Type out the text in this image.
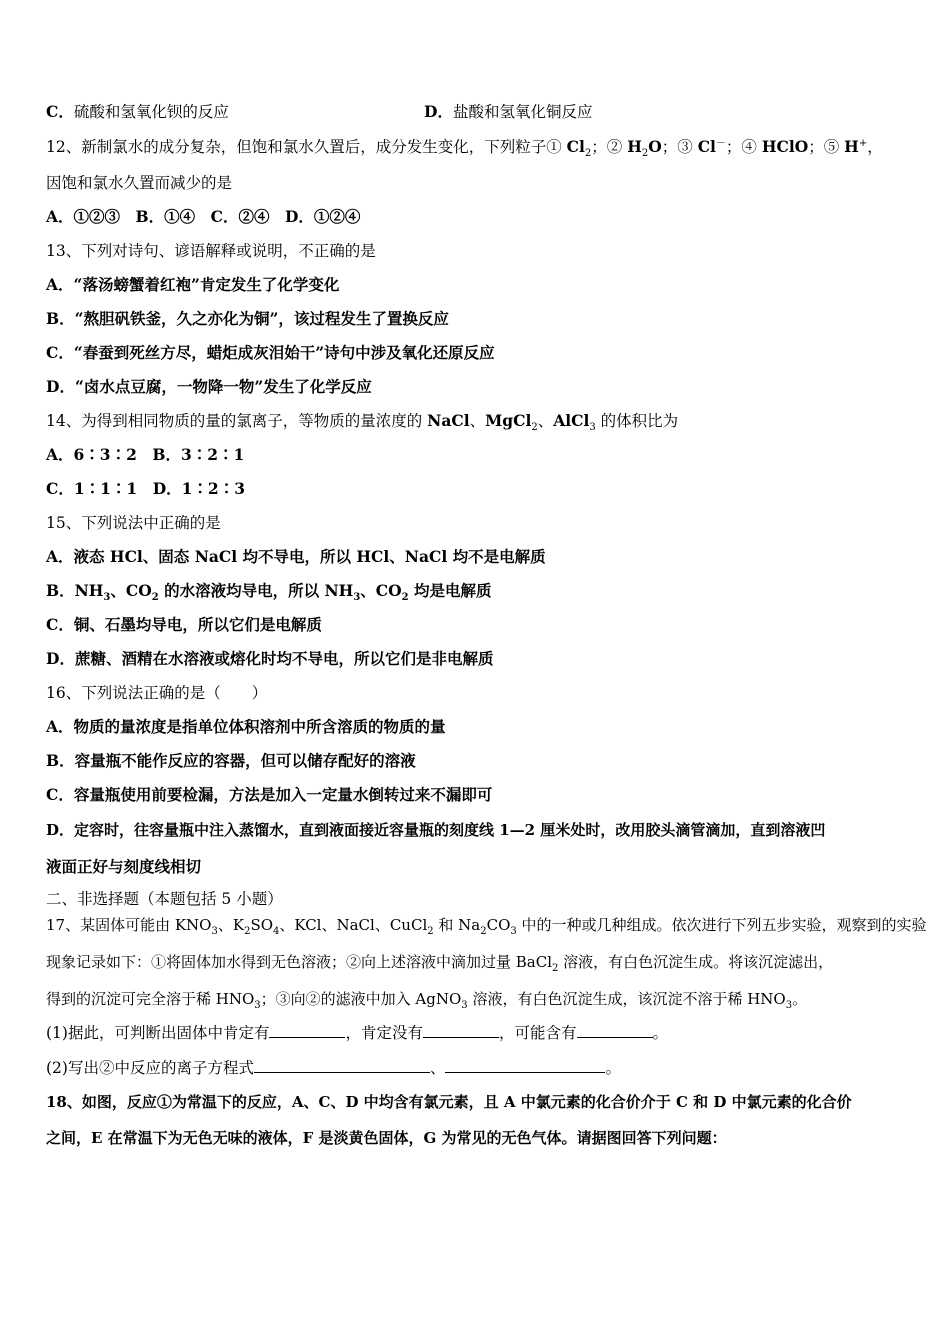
C．硫酸和氢氧化钡的反应	D．盐酸和氢氧化铜反应
12、新制氯水的成分复杂，但饱和氯水久置后，成分发生变化，下列粒子① $Cl_2$；② $H_2O$；③ Cl－；④ HClO；⑤ H+，
因饱和氯水久置而减少的是
A．①②③　B．①④　C．②④　D．①②④
13、下列对诗句、谚语解释或说明，不正确的是
A．“落汤螃蟹着红袍”肯定发生了化学变化
B．“熬胆矾铁釜，久之亦化为铜”，该过程发生了置换反应
C．“春蚕到死丝方尽，蜡炬成灰泪始干”诗句中涉及氧化还原反应
D．“卤水点豆腐，一物降一物”发生了化学反应
14、为得到相同物质的量的氯离子，等物质的量浓度的 NaCl、MgCl$_2$、AlCl$_3$ 的体积比为
A．6∶3∶2　B．3∶2∶1
C．1∶1∶1　D．1∶2∶3
15、下列说法中正确的是
A．液态 HCl、固态 NaCl 均不导电，所以 HCl、NaCl 均不是电解质
B．$NH_3$、$CO_2$ 的水溶液均导电，所以 $NH_3$、$CO_2$ 均是电解质
C．铜、石墨均导电，所以它们是电解质
D．蔗糖、酒精在水溶液或熔化时均不导电，所以它们是非电解质
16、下列说法正确的是（　　）
A．物质的量浓度是指单位体积溶剂中所含溶质的物质的量
B．容量瓶不能作反应的容器，但可以储存配好的溶液
C．容量瓶使用前要检漏，方法是加入一定量水倒转过来不漏即可
D．定容时，往容量瓶中注入蒸馏水，直到液面接近容量瓶的刻度线 1—2 厘米处时，改用胶头滴管滴加，直到溶液凹
液面正好与刻度线相切
二、非选择题（本题包括 5 小题）
17、某固体可能由 $KNO_3$、$K_2SO_4$、KCl、NaCl、CuCl$_2$ 和 $Na_2CO_3$ 中的一种或几种组成。依次进行下列五步实验，观察到的实验
现象记录如下：①将固体加水得到无色溶液；②向上述溶液中滴加过量 BaCl$_2$ 溶液，有白色沉淀生成。将该沉淀滤出，
得到的沉淀可完全溶于稀 $HNO_3$；③向②的滤液中加入 AgNO$_3$ 溶液，有白色沉淀生成，该沉淀不溶于稀 $HNO_3$。
(1)据此，可判断出固体中肯定有	，肯定没有	，可能含有	。
(2)写出②中反应的离子方程式	、	。
18、如图，反应①为常温下的反应，A、C、D 中均含有氯元素，且 A 中氯元素的化合价介于 C 和 D 中氯元素的化合价
之间，E 在常温下为无色无味的液体，F 是淡黄色固体，G 为常见的无色气体。请据图回答下列问题：
